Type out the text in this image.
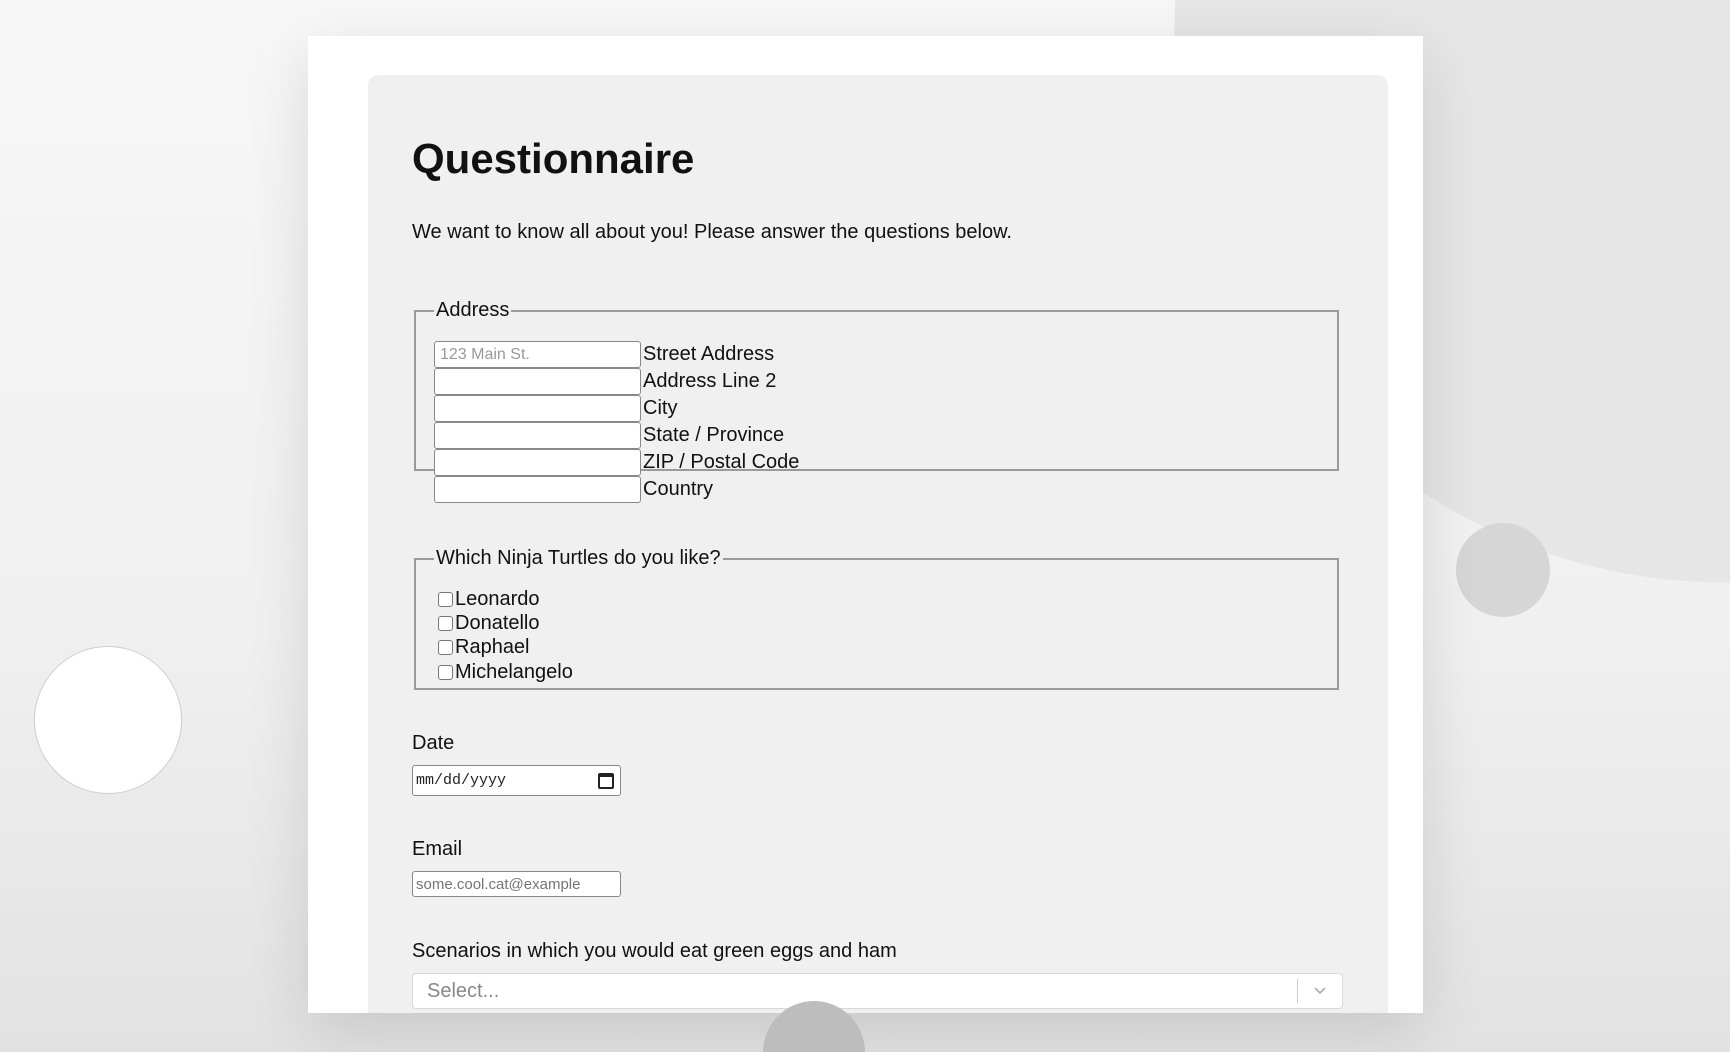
Questionnaire
We want to know all about you! Please answer the questions below.
Address
123 Main St.
Street Address
Address Line 2
City
State / Province
ZIP / Postal Code
Country
Which Ninja Turtles do you like?
Leonardo
Donatello
Raphael
Michelangelo
Date
mm/dd/yyyy
Email
some.cool.cat@example
Scenarios in which you would eat green eggs and ham
Select...
